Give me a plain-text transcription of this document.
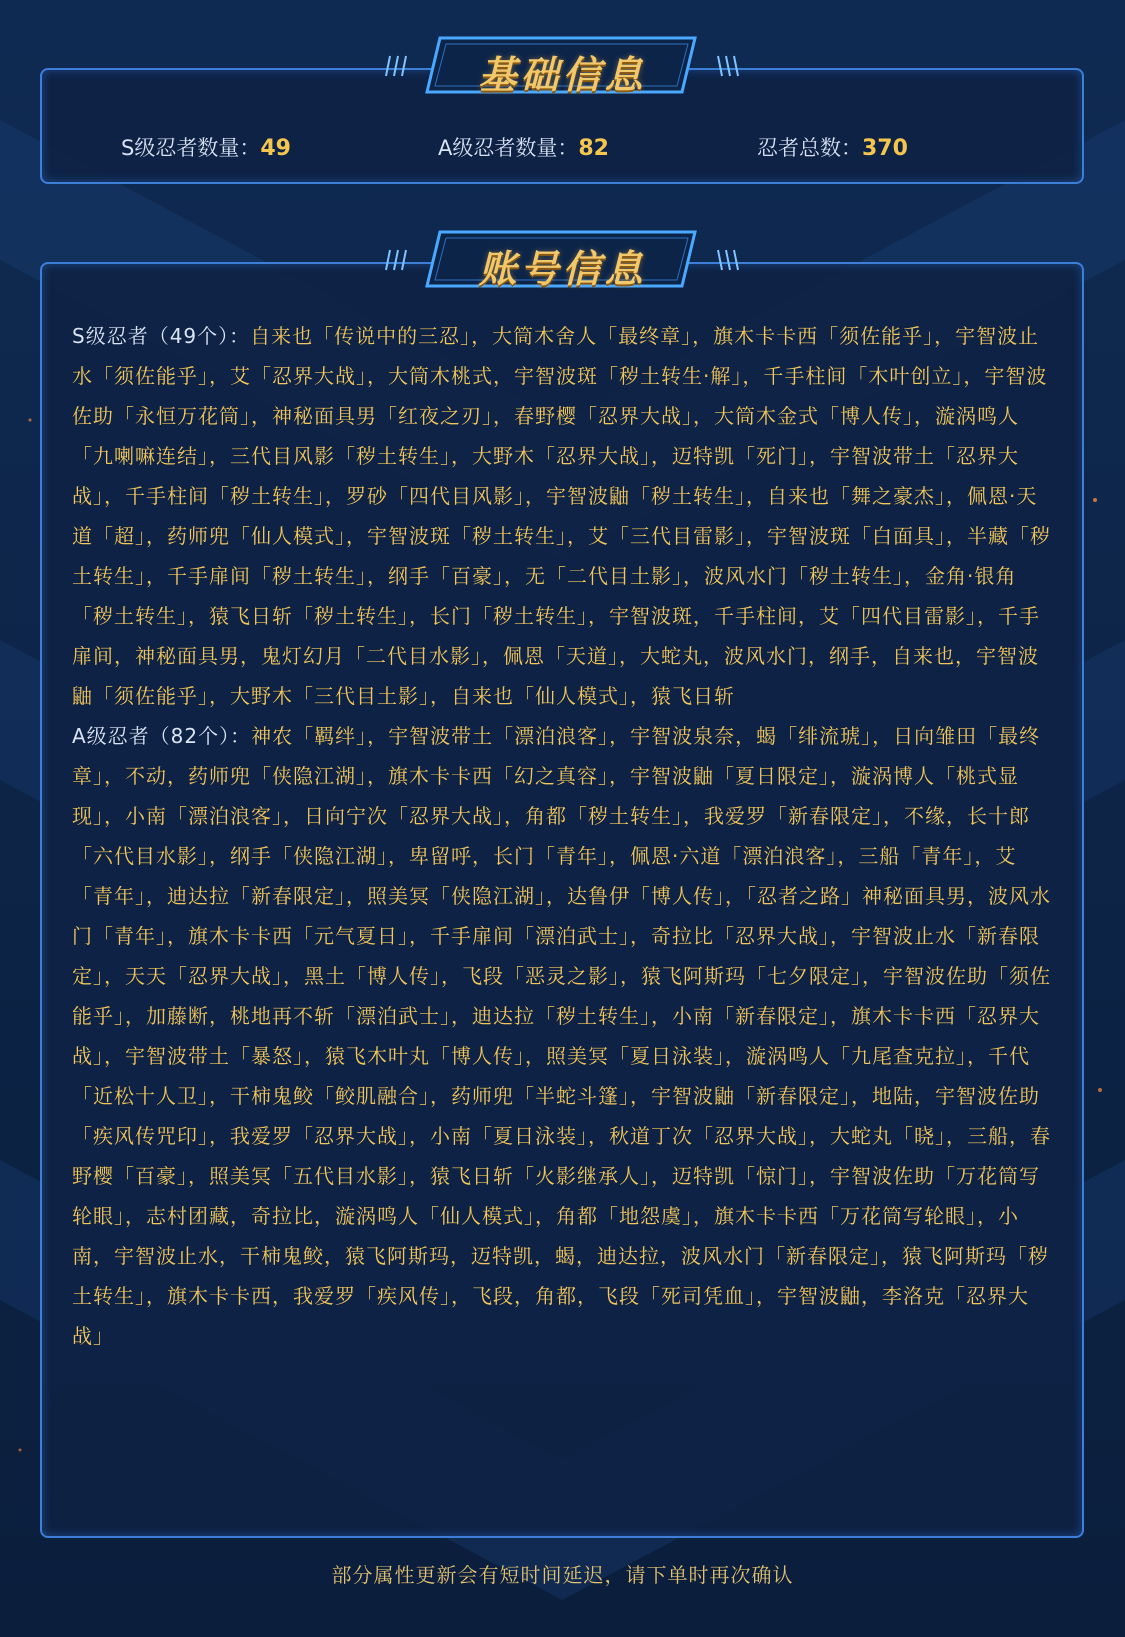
S级忍者数量：49	A级忍者数量：82	忍者总数：370
基础信息
S级忍者（49个）：自来也「传说中的三忍」，大筒木舍人「最终章」，旗木卡卡西「须佐能乎」，宇智波止水「须佐能乎」，艾「忍界大战」，大筒木桃式，宇智波斑「秽土转生·解」，千手柱间「木叶创立」，宇智波佐助「永恒万花筒」，神秘面具男「红夜之刃」，春野樱「忍界大战」，大筒木金式「博人传」，漩涡鸣人「九喇嘛连结」，三代目风影「秽土转生」，大野木「忍界大战」，迈特凯「死门」，宇智波带土「忍界大战」，千手柱间「秽土转生」，罗砂「四代目风影」，宇智波鼬「秽土转生」，自来也「舞之豪杰」，佩恩·天道「超」，药师兜「仙人模式」，宇智波斑「秽土转生」，艾「三代目雷影」，宇智波斑「白面具」，半藏「秽土转生」，千手扉间「秽土转生」，纲手「百豪」，无「二代目土影」，波风水门「秽土转生」，金角·银角「秽土转生」，猿飞日斩「秽土转生」，长门「秽土转生」，宇智波斑，千手柱间，艾「四代目雷影」，千手扉间，神秘面具男，鬼灯幻月「二代目水影」，佩恩「天道」，大蛇丸，波风水门，纲手，自来也，宇智波鼬「须佐能乎」，大野木「三代目土影」，自来也「仙人模式」，猿飞日斩
A级忍者（82个）：神农「羁绊」，宇智波带土「漂泊浪客」，宇智波泉奈，蝎「绯流琥」，日向雏田「最终章」，不动，药师兜「侠隐江湖」，旗木卡卡西「幻之真容」，宇智波鼬「夏日限定」，漩涡博人「桃式显现」，小南「漂泊浪客」，日向宁次「忍界大战」，角都「秽土转生」，我爱罗「新春限定」，不缘，长十郎「六代目水影」，纲手「侠隐江湖」，卑留呼，长门「青年」，佩恩·六道「漂泊浪客」，三船「青年」，艾「青年」，迪达拉「新春限定」，照美冥「侠隐江湖」，达鲁伊「博人传」，「忍者之路」神秘面具男，波风水门「青年」，旗木卡卡西「元气夏日」，千手扉间「漂泊武士」，奇拉比「忍界大战」，宇智波止水「新春限定」，天天「忍界大战」，黑土「博人传」，飞段「恶灵之影」，猿飞阿斯玛「七夕限定」，宇智波佐助「须佐能乎」，加藤断，桃地再不斩「漂泊武士」，迪达拉「秽土转生」，小南「新春限定」，旗木卡卡西「忍界大战」，宇智波带土「暴怒」，猿飞木叶丸「博人传」，照美冥「夏日泳装」，漩涡鸣人「九尾查克拉」，千代「近松十人卫」，干柿鬼鲛「鲛肌融合」，药师兜「半蛇斗篷」，宇智波鼬「新春限定」，地陆，宇智波佐助「疾风传咒印」，我爱罗「忍界大战」，小南「夏日泳装」，秋道丁次「忍界大战」，大蛇丸「晓」，三船，春野樱「百豪」，照美冥「五代目水影」，猿飞日斩「火影继承人」，迈特凯「惊门」，宇智波佐助「万花筒写轮眼」，志村团藏，奇拉比，漩涡鸣人「仙人模式」，角都「地怨虞」，旗木卡卡西「万花筒写轮眼」，小南，宇智波止水，干柿鬼鲛，猿飞阿斯玛，迈特凯，蝎，迪达拉，波风水门「新春限定」，猿飞阿斯玛「秽土转生」，旗木卡卡西，我爱罗「疾风传」，飞段，角都，飞段「死司凭血」，宇智波鼬，李洛克「忍界大战」
账号信息
部分属性更新会有短时间延迟，请下单时再次确认
